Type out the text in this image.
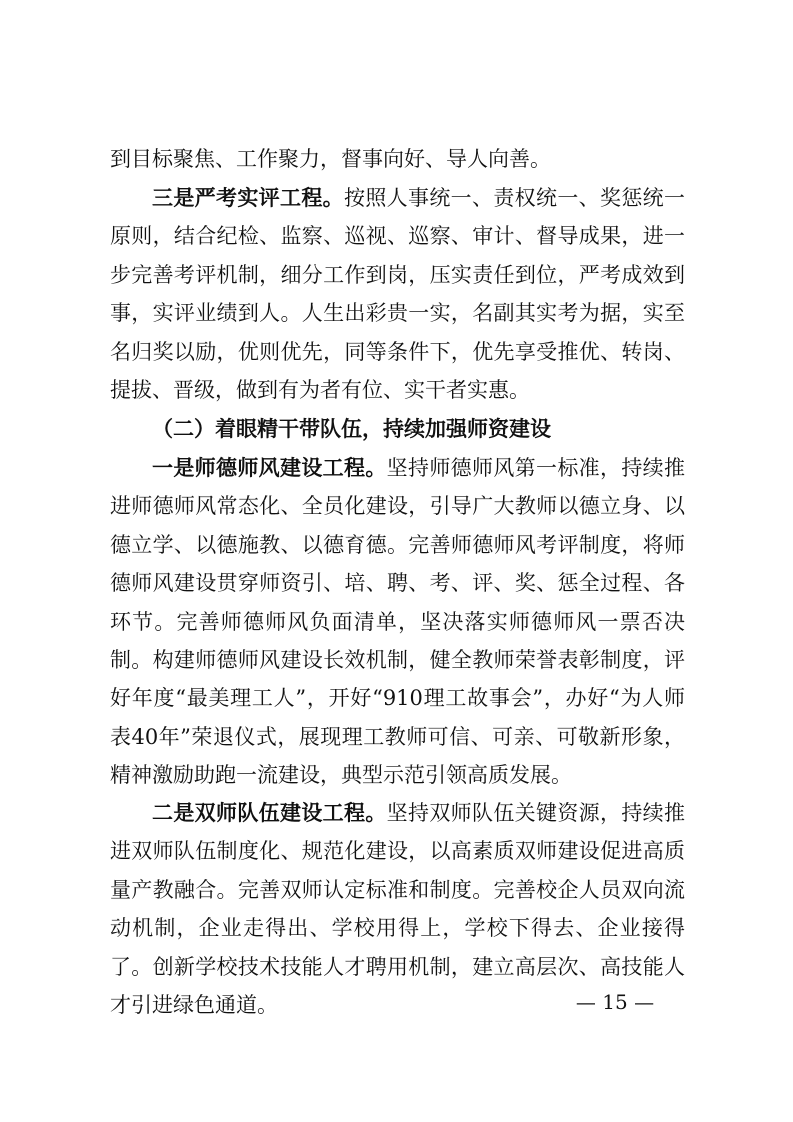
到目标聚焦、工作聚力，督事向好、导人向善。

三是严考实评工程。按照人事统一、责权统一、奖惩统一原则，结合纪检、监察、巡视、巡察、审计、督导成果，进一步完善考评机制，细分工作到岗，压实责任到位，严考成效到事，实评业绩到人。人生出彩贵一实，名副其实考为据，实至名归奖以励，优则优先，同等条件下，优先享受推优、转岗、提拔、晋级，做到有为者有位、实干者实惠。

（二）着眼精干带队伍，持续加强师资建设

一是师德师风建设工程。坚持师德师风第一标准，持续推进师德师风常态化、全员化建设，引导广大教师以德立身、以德立学、以德施教、以德育德。完善师德师风考评制度，将师德师风建设贯穿师资引、培、聘、考、评、奖、惩全过程、各环节。完善师德师风负面清单，坚决落实师德师风一票否决制。构建师德师风建设长效机制，健全教师荣誉表彰制度，评好年度“最美理工人”，开好“910理工故事会”，办好“为人师表40年”荣退仪式，展现理工教师可信、可亲、可敬新形象，精神激励助跑一流建设，典型示范引领高质发展。

二是双师队伍建设工程。坚持双师队伍关键资源，持续推进双师队伍制度化、规范化建设，以高素质双师建设促进高质量产教融合。完善双师认定标准和制度。完善校企人员双向流动机制，企业走得出、学校用得上，学校下得去、企业接得了。创新学校技术技能人才聘用机制，建立高层次、高技能人才引进绿色通道。	— 15 —
